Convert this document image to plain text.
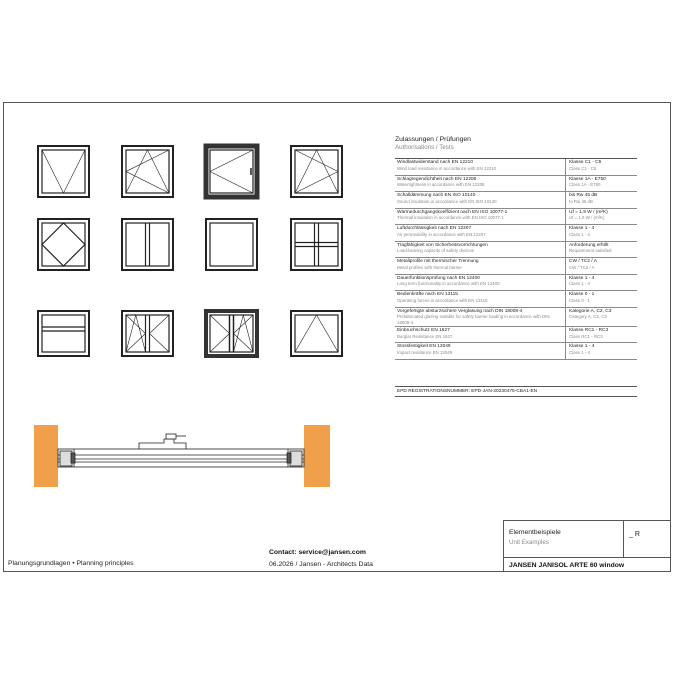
Zulassungen / Prüfungen
Authorisations / Tests
Windlastwiderstand nach EN 12210
Wind load resistance in accordance with EN 12210
Klasse C1 - C5
Class C1 - C5
Schlagregendichtheit nach EN 12208
Watertightness in accordance with EN 12208
Klasse 1A - E750
Class 1A - E750
Schalldämmung nach EN ISO 10140
Sound insulation in accordance with EN ISO 10140
bis Rw 45 dB
to Rw 45 dB
Wärmedurchgangskoeffizient nach EN ISO 10077-1
Thermal insulation in accordance with EN ISO 10077-1
Uf = 1,9 W / (m²K)
Uf = 1,9 W / (m²K)
Luftdurchlässigkeit nach EN 12207
Air permeability in accordance with EN 12207
Klasse 1 - 4
Class 1 - 4
Tragfähigkeit von Sicherheitsvorrichtungen
Load-bearing capacity of safety devices
Anforderung erfüllt
Requirement satisfied
Metallprofile mit thermischer Trennung
Metal profiles with thermal barrier
CW / TC2 / A
CW / TC2 / A
Dauerfunktionsprüfung nach EN 12400
Long term functionality in accordance with EN 12400
Klasse 1 - 4
Class 1 - 4
Bedienkräfte nach EN 13115
Operating forces in accordance with EN 13115
Klasse 0 - 1
Class 0 - 1
Vorgefertigte absturzsichere Verglasung nach DIN 18008-4
Prefabricated glazing suitable for safety barrier loading in accordance with DIN 18008-4
Kategorie A, C2, C3
Category A, C2, C3
Einbruchschutz EN 1627
Burglar Resistance EN 1627
Klasse RC1 - RC3
Class RC1 - RC3
Stossfestigkeit EN 13049
Impact resistance EN 13049
Klasse 1 - 4
Class 1 - 4
EPD REGISTRATIONSNUMMER: EPD-JAN-20230475-CBA1-EN
Planungsgrundlagen • Planning principles
Contact: service@jansen.com
06.2026 / Jansen - Architects Data
Elementbeispiele
Unit Examples
_ R
JANSEN JANISOL ARTE 60 window
